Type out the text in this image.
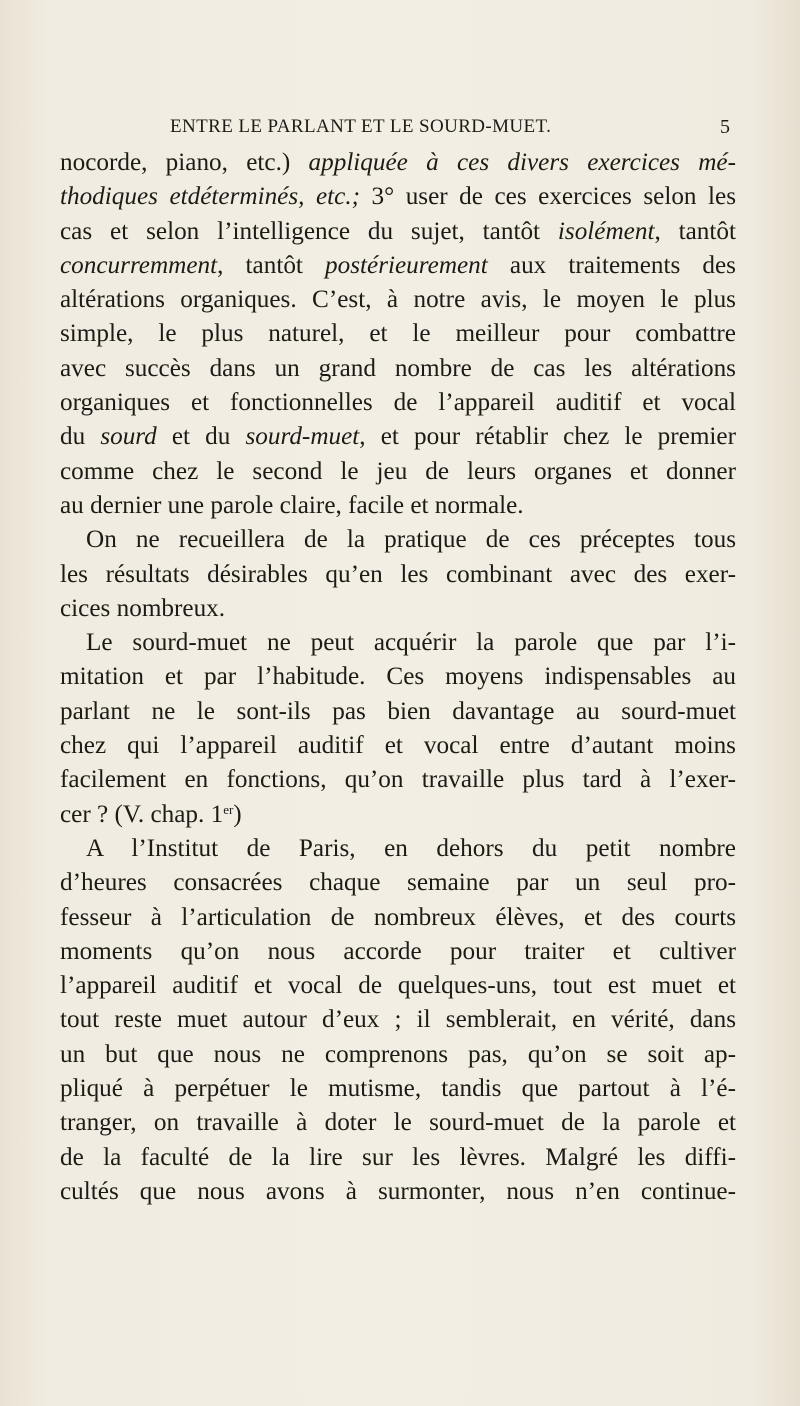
ENTRE LE PARLANT ET LE SOURD-MUET.	5
nocorde, piano, etc.) appliquée à ces divers exercices mé-
thodiques etdéterminés, etc.; 3° user de ces exercices selon les
cas et selon l’intelligence du sujet, tantôt isolément, tantôt
concurremment, tantôt postérieurement aux traitements des
altérations organiques. C’est, à notre avis, le moyen le plus
simple, le plus naturel, et le meilleur pour combattre
avec succès dans un grand nombre de cas les altérations
organiques et fonctionnelles de l’appareil auditif et vocal
du sourd et du sourd-muet, et pour rétablir chez le premier
comme chez le second le jeu de leurs organes et donner
au dernier une parole claire, facile et normale.
On ne recueillera de la pratique de ces préceptes tous
les résultats désirables qu’en les combinant avec des exer-
cices nombreux.
Le sourd-muet ne peut acquérir la parole que par l’i-
mitation et par l’habitude. Ces moyens indispensables au
parlant ne le sont-ils pas bien davantage au sourd-muet
chez qui l’appareil auditif et vocal entre d’autant moins
facilement en fonctions, qu’on travaille plus tard à l’exer-
cer ? (V. chap. 1er)
A l’Institut de Paris, en dehors du petit nombre
d’heures consacrées chaque semaine par un seul pro-
fesseur à l’articulation de nombreux élèves, et des courts
moments qu’on nous accorde pour traiter et cultiver
l’appareil auditif et vocal de quelques-uns, tout est muet et
tout reste muet autour d’eux ; il semblerait, en vérité, dans
un but que nous ne comprenons pas, qu’on se soit ap-
pliqué à perpétuer le mutisme, tandis que partout à l’é-
tranger, on travaille à doter le sourd-muet de la parole et
de la faculté de la lire sur les lèvres. Malgré les diffi-
cultés que nous avons à surmonter, nous n’en continue-
